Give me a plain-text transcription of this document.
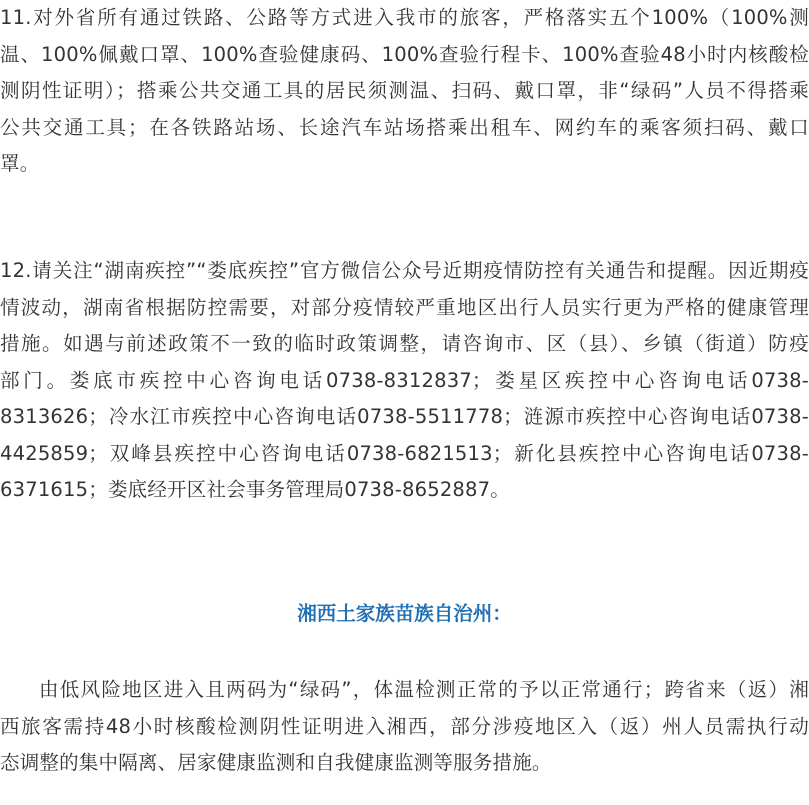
11.对外省所有通过铁路、公路等方式进入我市的旅客，严格落实五个100%（100%测
温、100%佩戴口罩、100%查验健康码、100%查验行程卡、100%查验48小时内核酸检
测阴性证明）；搭乘公共交通工具的居民须测温、扫码、戴口罩，非“绿码”人员不得搭乘
公共交通工具；在各铁路站场、长途汽车站场搭乘出租车、网约车的乘客须扫码、戴口
罩。
12.请关注“湖南疾控”“娄底疾控”官方微信公众号近期疫情防控有关通告和提醒。因近期疫
情波动，湖南省根据防控需要，对部分疫情较严重地区出行人员实行更为严格的健康管理
措施。如遇与前述政策不一致的临时政策调整，请咨询市、区（县）、乡镇（街道）防疫
部门。娄底市疾控中心咨询电话0738-8312837；娄星区疾控中心咨询电话0738-
8313626；冷水江市疾控中心咨询电话0738-5511778；涟源市疾控中心咨询电话0738-
4425859；双峰县疾控中心咨询电话0738-6821513；新化县疾控中心咨询电话0738-
6371615；娄底经开区社会事务管理局0738-8652887。
湘西土家族苗族自治州：
由低风险地区进入且两码为“绿码”，体温检测正常的予以正常通行；跨省来（返）湘
西旅客需持48小时核酸检测阴性证明进入湘西，部分涉疫地区入（返）州人员需执行动
态调整的集中隔离、居家健康监测和自我健康监测等服务措施。
